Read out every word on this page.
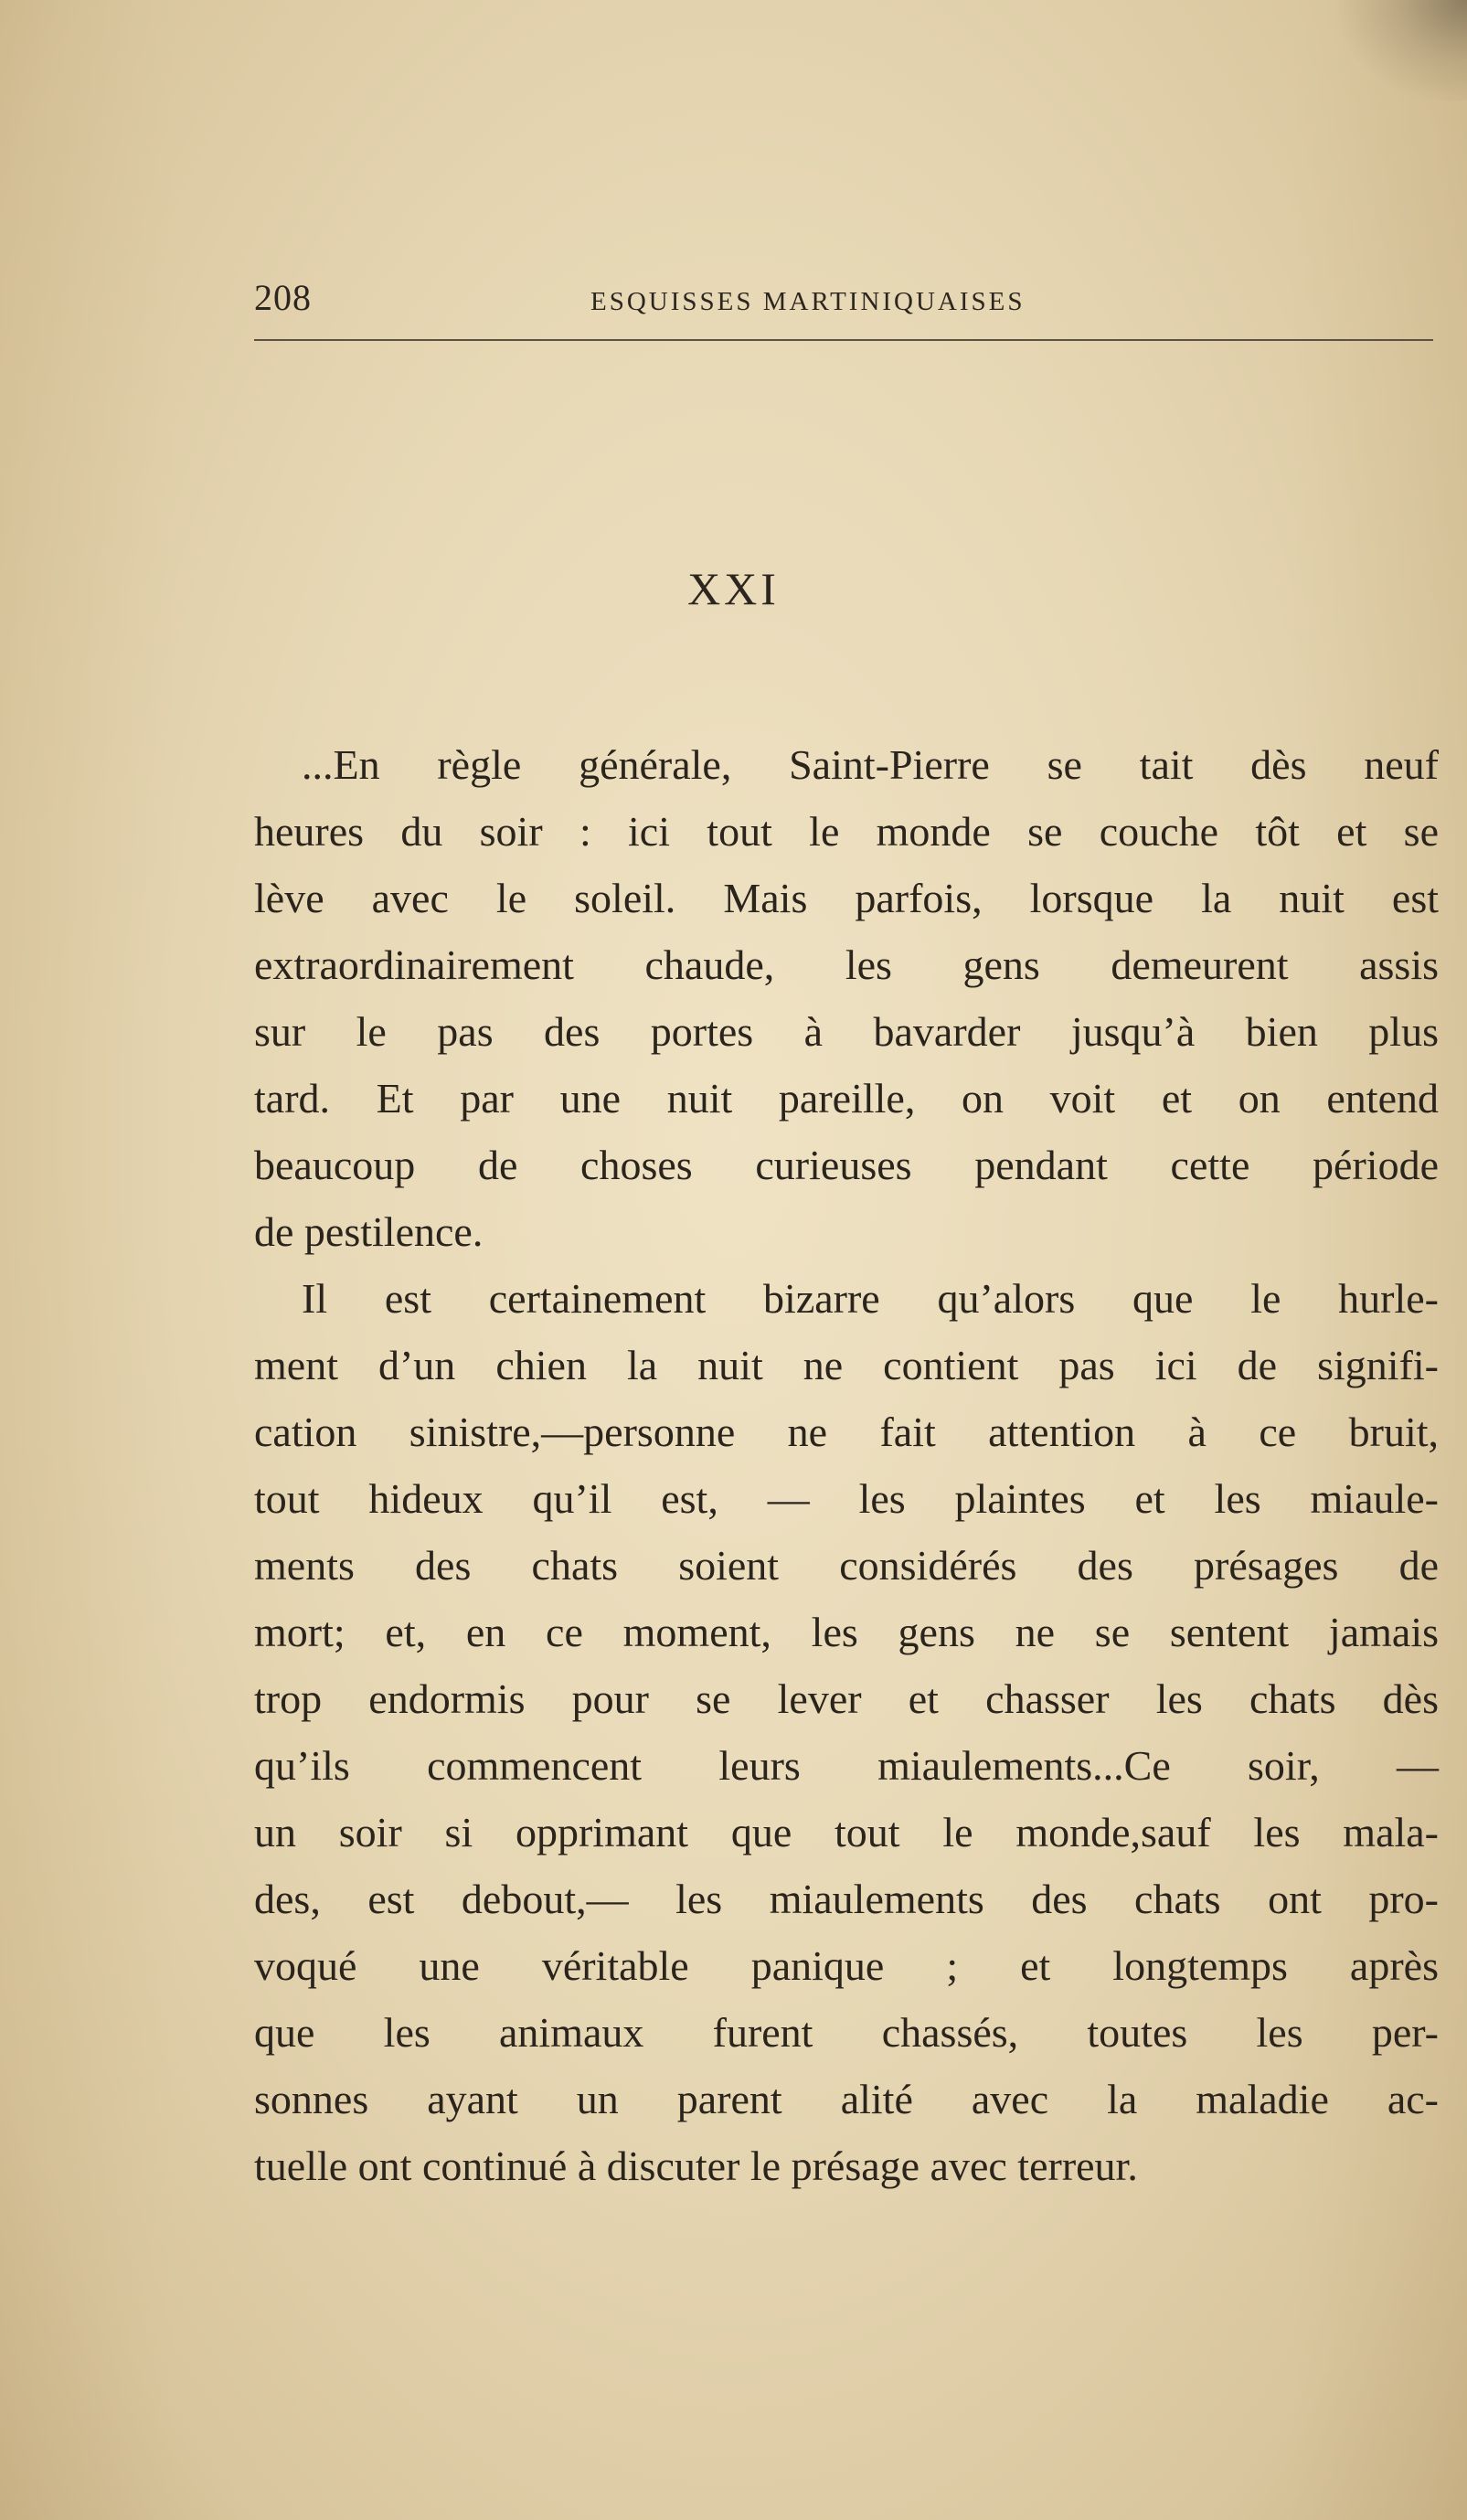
208	ESQUISSES MARTINIQUAISES
XXI
...En règle générale, Saint-Pierre se tait dès neuf
heures du soir : ici tout le monde se couche tôt et se
lève avec le soleil. Mais parfois, lorsque la nuit est
extraordinairement chaude, les gens demeurent assis
sur le pas des portes à bavarder jusqu’à bien plus
tard. Et par une nuit pareille, on voit et on entend
beaucoup de choses curieuses pendant cette période
de pestilence.
Il est certainement bizarre qu’alors que le hurle-
ment d’un chien la nuit ne contient pas ici de signifi-
cation sinistre,—personne ne fait attention à ce bruit,
tout hideux qu’il est, — les plaintes et les miaule-
ments des chats soient considérés des présages de
mort; et, en ce moment, les gens ne se sentent jamais
trop endormis pour se lever et chasser les chats dès
qu’ils commencent leurs miaulements...Ce soir, —
un soir si opprimant que tout le monde,sauf les mala-
des, est debout,— les miaulements des chats ont pro-
voqué une véritable panique ; et longtemps après
que les animaux furent chassés, toutes les per-
sonnes ayant un parent alité avec la maladie ac-
tuelle ont continué à discuter le présage avec terreur.
